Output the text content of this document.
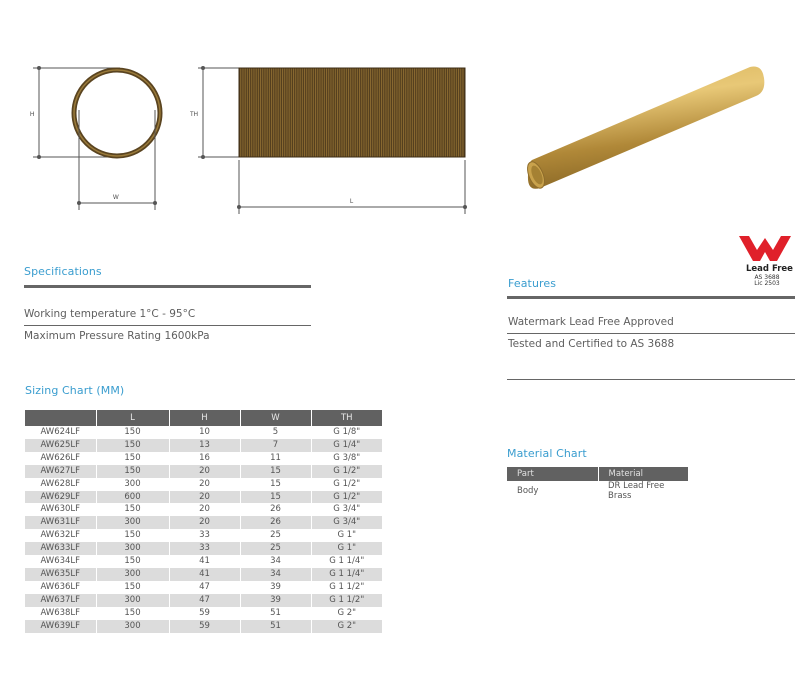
H
W
TH
L
Lead Free
AS 3688
Lic 2503
Specifications
Working temperature 1°C - 95°C
Maximum Pressure Rating 1600kPa
Features
Watermark Lead Free Approved
Tested and Certified to AS 3688
Sizing Chart (MM)
	L	H	W	TH
AW624LF	150	10	5	G 1/8"
AW625LF	150	13	7	G 1/4"
AW626LF	150	16	11	G 3/8"
AW627LF	150	20	15	G 1/2"
AW628LF	300	20	15	G 1/2"
AW629LF	600	20	15	G 1/2"
AW630LF	150	20	26	G 3/4"
AW631LF	300	20	26	G 3/4"
AW632LF	150	33	25	G 1"
AW633LF	300	33	25	G 1"
AW634LF	150	41	34	G 1 1/4"
AW635LF	300	41	34	G 1 1/4"
AW636LF	150	47	39	G 1 1/2"
AW637LF	300	47	39	G 1 1/2"
AW638LF	150	59	51	G 2"
AW639LF	300	59	51	G 2"
Material Chart
Part	Material
Body	DR Lead Free Brass
